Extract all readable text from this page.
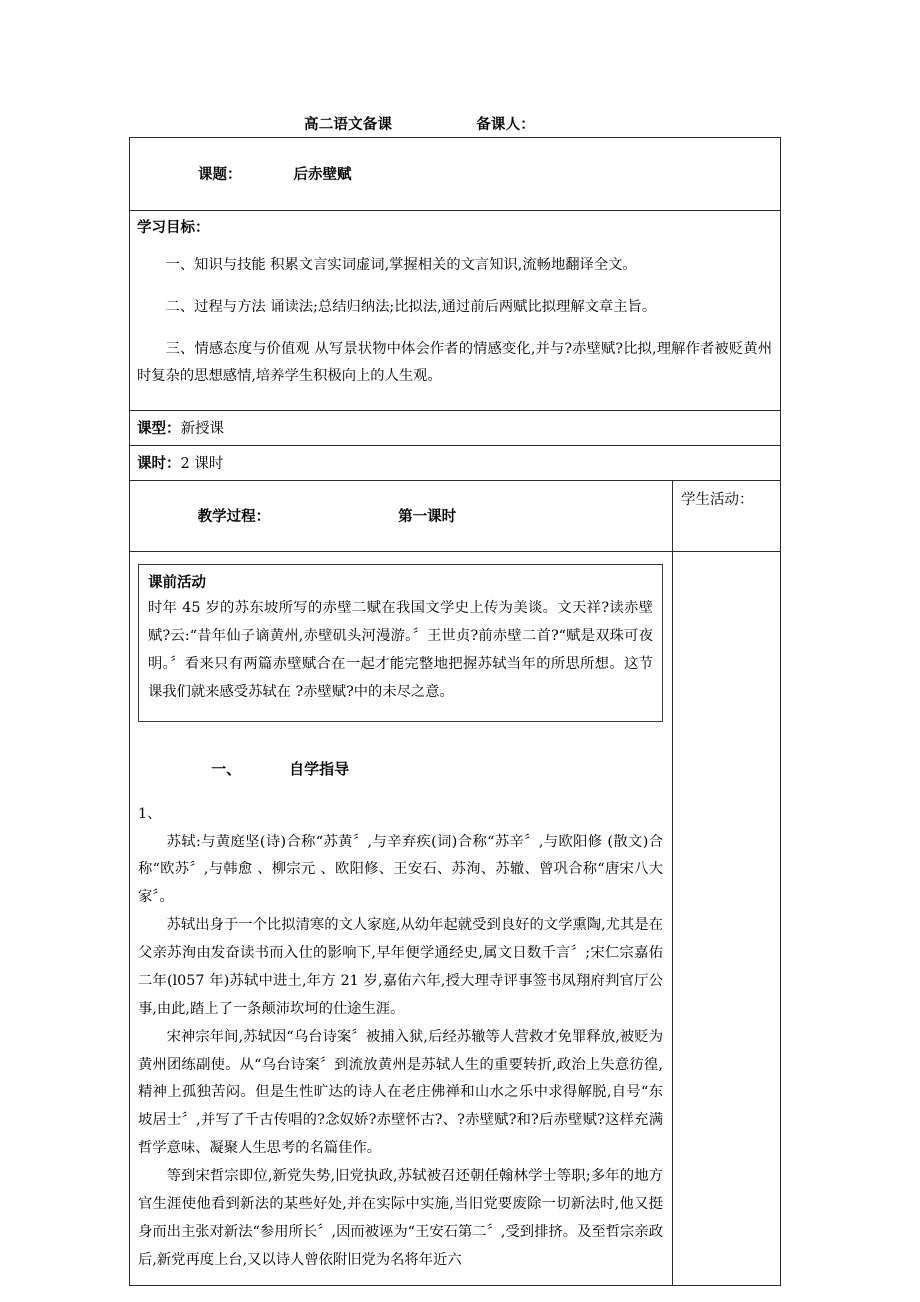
高二语文备课	备课人：

课题： 后赤壁赋	

学习目标：

一、知识与技能 积累文言实词虚词,掌握相关的文言知识,流畅地翻译全文。

二、过程与方法 诵读法;总结归纳法;比拟法,通过前后两赋比拟理解文章主旨。

三、情感态度与价值观 从写景状物中体会作者的情感变化,并与?赤壁赋?比拟,理解作者被贬黄州时复杂的思想感情,培养学生积极向上的人生观。	

课型：新授课	

课时：2 课时	

教学过程： 第一课时	学生活动：

课前活动
时年 45 岁的苏东坡所写的赤壁二赋在我国文学史上传为美谈。文天祥?读赤壁赋?云:“昔年仙子谪黄州,赤壁矶头河漫游。〞王世贞?前赤壁二首?“赋是双珠可夜明。〞看来只有两篇赤壁赋合在一起才能完整地把握苏轼当年的所思所想。这节课我们就来感受苏轼在 ?赤壁赋?中的未尽之意。

一、	自学指导

1、

苏轼:与黄庭坚(诗)合称“苏黄〞,与辛弃疾(词)合称“苏辛〞,与欧阳修 (散文)合称“欧苏〞,与韩愈 、柳宗元 、欧阳修、王安石、苏洵、苏辙、曾巩合称“唐宋八大家〞。

苏轼出身于一个比拟清寒的文人家庭,从幼年起就受到良好的文学熏陶,尤其是在父亲苏洵由发奋读书而入仕的影响下,早年便学通经史,属文日数千言〞;宋仁宗嘉佑二年(l057 年)苏轼中进土,年方 21 岁,嘉佑六年,授大理寺评事签书凤翔府判官厅公事,由此,踏上了一条颠沛坎坷的仕途生涯。

宋神宗年间,苏轼因“乌台诗案〞被捕入狱,后经苏辙等人营救才免罪释放,被贬为黄州团练副使。从“乌台诗案〞到流放黄州是苏轼人生的重要转折,政治上失意彷徨,精神上孤独苦闷。但是生性旷达的诗人在老庄佛禅和山水之乐中求得解脱,自号“东坡居士〞,并写了千古传唱的?念奴娇?赤壁怀古?、?赤壁赋?和?后赤壁赋?这样充满哲学意味、凝聚人生思考的名篇佳作。

等到宋哲宗即位,新党失势,旧党执政,苏轼被召还朝任翰林学士等职;多年的地方官生涯使他看到新法的某些好处,并在实际中实施,当旧党要废除一切新法时,他又挺身而出主张对新法“参用所长〞,因而被诬为“王安石第二〞,受到排挤。及至哲宗亲政后,新党再度上台,又以诗人曾依附旧党为名将年近六
